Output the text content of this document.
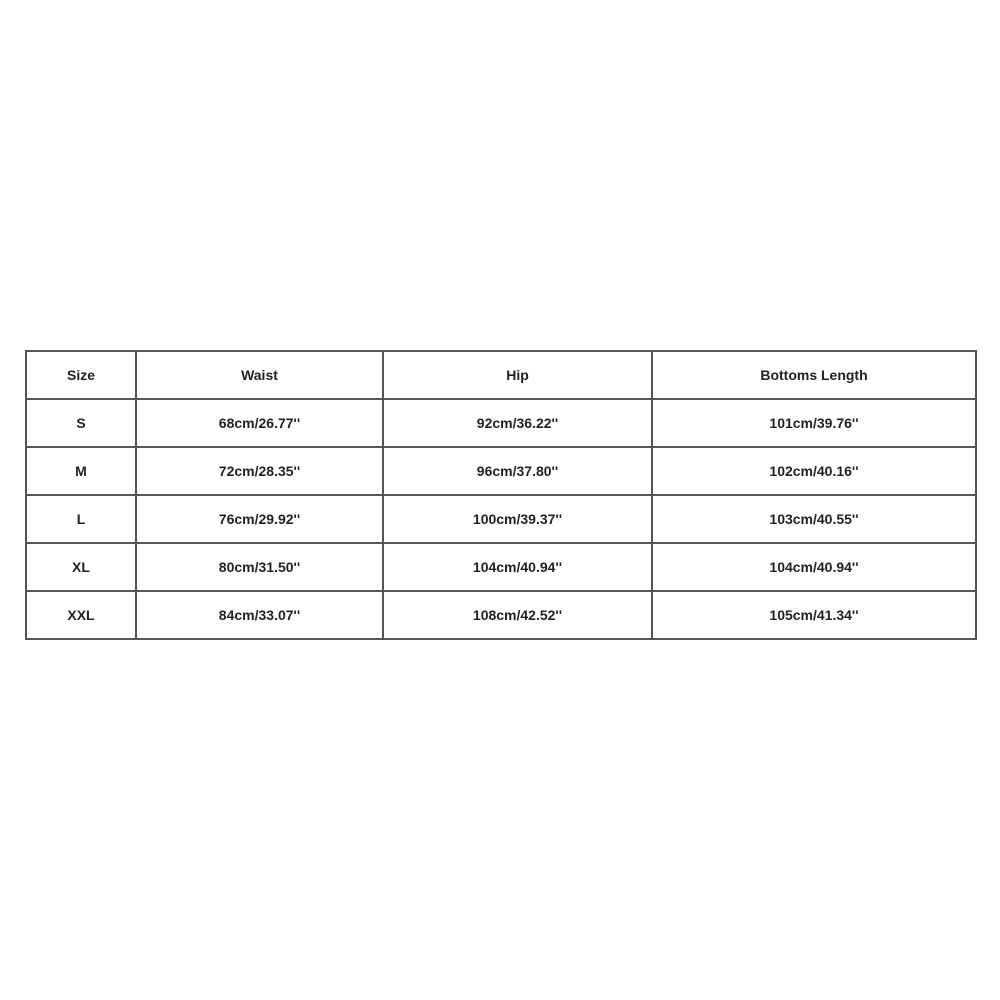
Size	Waist	Hip	Bottoms Length
S	68cm/26.77''	92cm/36.22''	101cm/39.76''
M	72cm/28.35''	96cm/37.80''	102cm/40.16''
L	76cm/29.92''	100cm/39.37''	103cm/40.55''
XL	80cm/31.50''	104cm/40.94''	104cm/40.94''
XXL	84cm/33.07''	108cm/42.52''	105cm/41.34''
